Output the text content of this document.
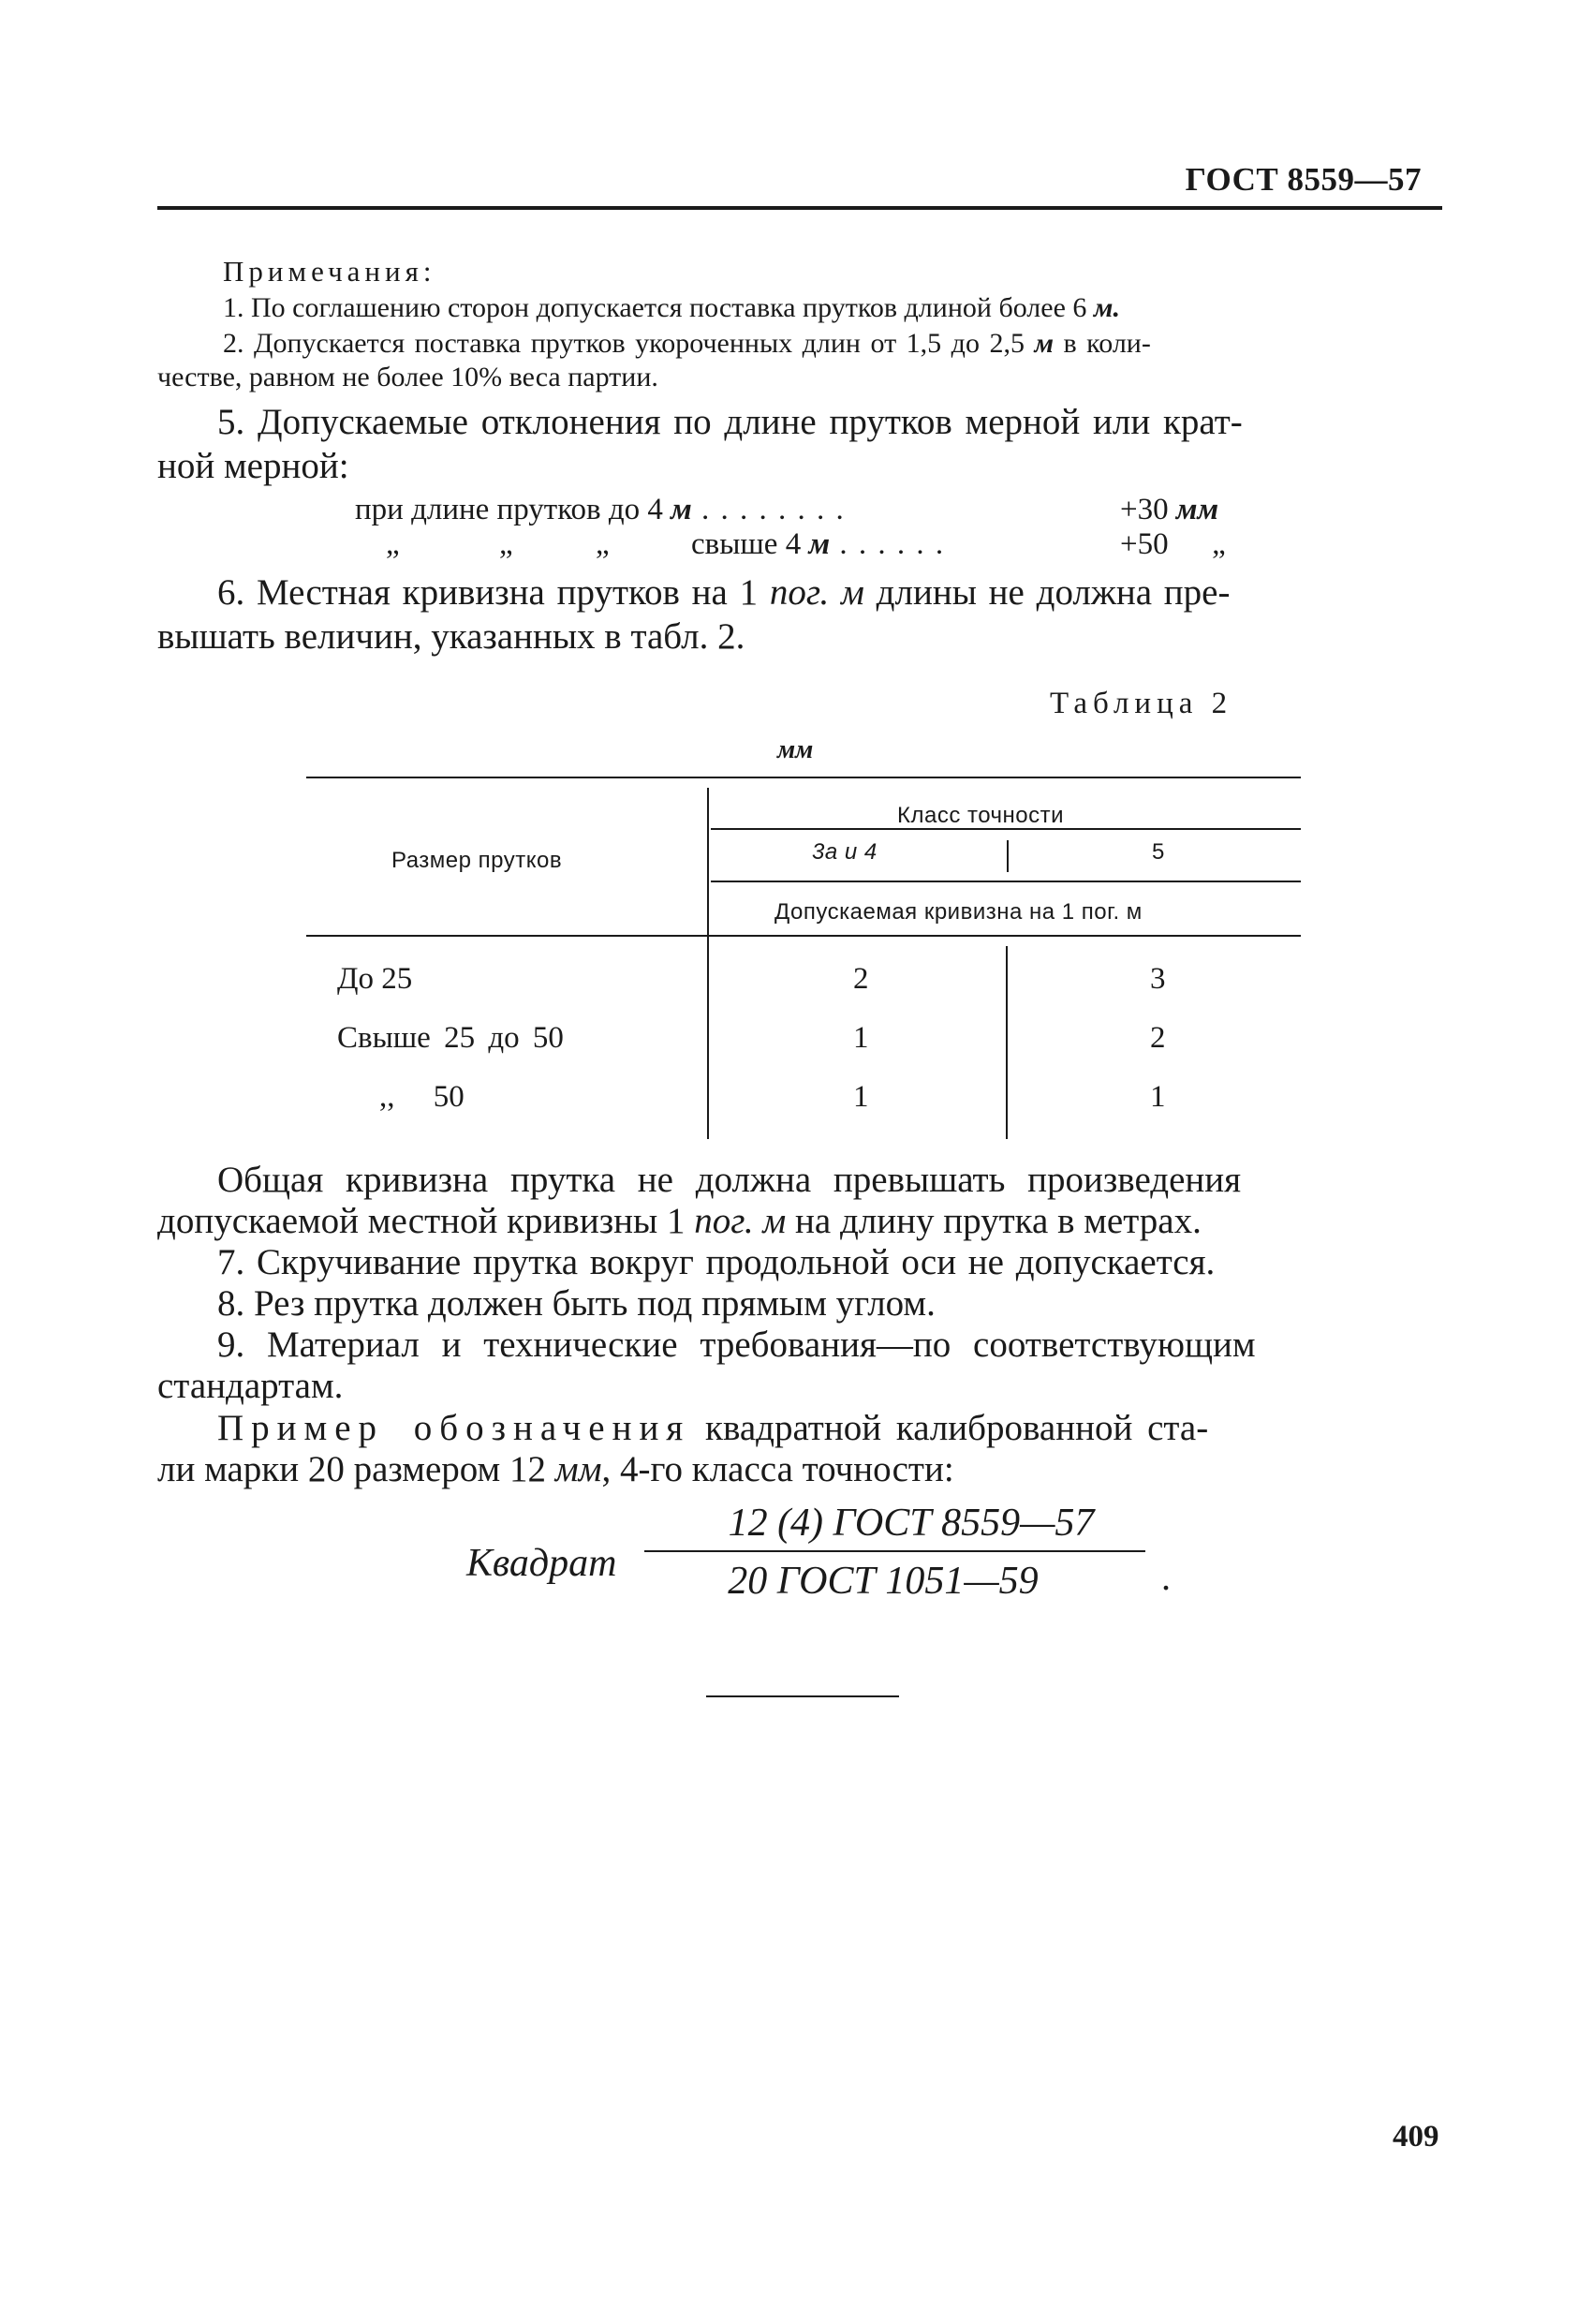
ГОСТ 8559—57
Примечания:
1. По соглашению сторон допускается поставка прутков длиной более 6 м.
2. Допускается поставка прутков укороченных длин от 1,5 до 2,5 м в коли-
честве, равном не более 10% веса партии.
5. Допускаемые отклонения по длине прутков мерной или крат-
ной мерной:
при длине прутков до 4 м . . . . . . . .	+30 мм
„	„	„	свыше 4 м . . . . . .	+50 „
6. Местная кривизна прутков на 1 пог. м длины не должна пре-
вышать величин, указанных в табл. 2.
Таблица 2
мм
Класс точности
Размер прутков	3а и 4	5
Допускаемая кривизна на 1 пог. м
До 25	2	3
Свыше 25 до 50	1	2
,,     50	1	1
Общая кривизна прутка не должна превышать произведения
допускаемой местной кривизны 1 пог. м на длину прутка в метрах.
7. Скручивание прутка вокруг продольной оси не допускается.
8. Рез прутка должен быть под прямым углом.
9. Материал и технические требования—по соответствующим
стандартам.
Пример обозначения квадратной калиброванной ста-
ли марки 20 размером 12 мм, 4-го класса точности:
Квадрат
12 (4) ГОСТ 8559—57
20 ГОСТ 1051—59	.
409
